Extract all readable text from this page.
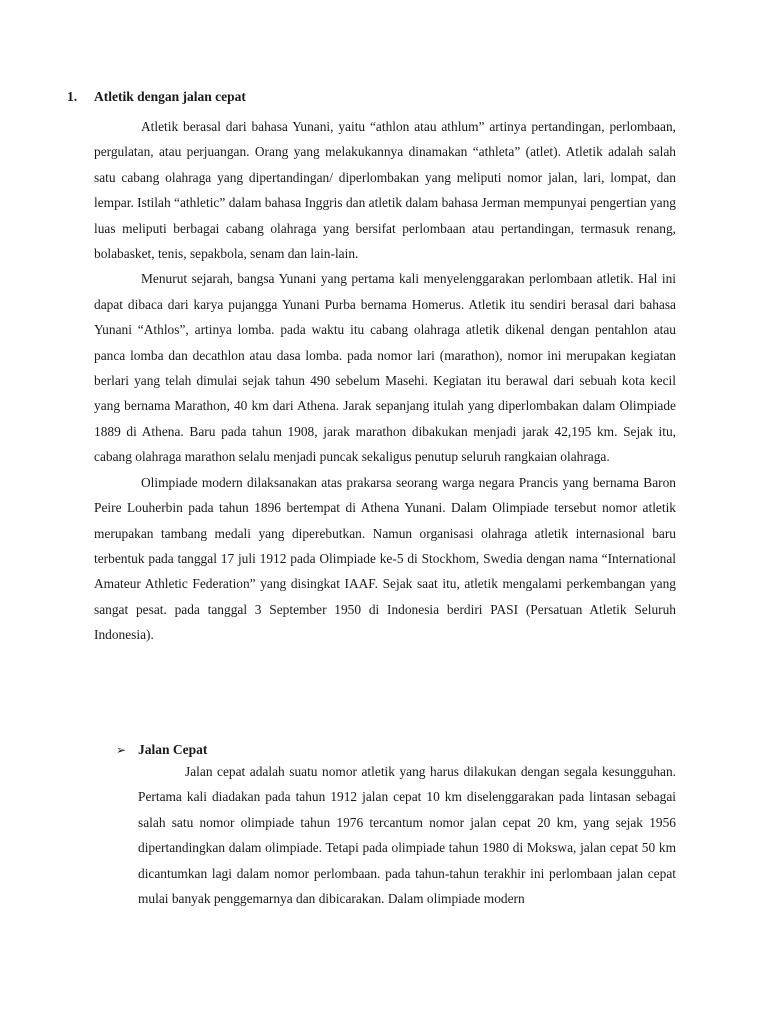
1. Atletik dengan jalan cepat

Atletik berasal dari bahasa Yunani, yaitu “athlon atau athlum” artinya pertandingan, perlombaan, pergulatan, atau perjuangan. Orang yang melakukannya dinamakan “athleta” (atlet). Atletik adalah salah satu cabang olahraga yang dipertandingan/ diperlombakan yang meliputi nomor jalan, lari, lompat, dan lempar. Istilah “athletic” dalam bahasa Inggris dan atletik dalam bahasa Jerman mempunyai pengertian yang luas meliputi berbagai cabang olahraga yang bersifat perlombaan atau pertandingan, termasuk renang, bolabasket, tenis, sepakbola, senam dan lain-lain.

Menurut sejarah, bangsa Yunani yang pertama kali menyelenggarakan perlombaan atletik. Hal ini dapat dibaca dari karya pujangga Yunani Purba bernama Homerus. Atletik itu sendiri berasal dari bahasa Yunani “Athlos”, artinya lomba. pada waktu itu cabang olahraga atletik dikenal dengan pentahlon atau panca lomba dan decathlon atau dasa lomba. pada nomor lari (marathon), nomor ini merupakan kegiatan berlari yang telah dimulai sejak tahun 490 sebelum Masehi. Kegiatan itu berawal dari sebuah kota kecil yang bernama Marathon, 40 km dari Athena. Jarak sepanjang itulah yang diperlombakan dalam Olimpiade 1889 di Athena. Baru pada tahun 1908, jarak marathon dibakukan menjadi jarak 42,195 km. Sejak itu, cabang olahraga marathon selalu menjadi puncak sekaligus penutup seluruh rangkaian olahraga.

Olimpiade modern dilaksanakan atas prakarsa seorang warga negara Prancis yang bernama Baron Peire Louherbin pada tahun 1896 bertempat di Athena Yunani. Dalam Olimpiade tersebut nomor atletik merupakan tambang medali yang diperebutkan. Namun organisasi olahraga atletik internasional baru terbentuk pada tanggal 17 juli 1912 pada Olimpiade ke-5 di Stockhom, Swedia dengan nama “International Amateur Athletic Federation” yang disingkat IAAF. Sejak saat itu, atletik mengalami perkembangan yang sangat pesat. pada tanggal 3 September 1950 di Indonesia berdiri PASI (Persatuan Atletik Seluruh Indonesia).

➢ Jalan Cepat

Jalan cepat adalah suatu nomor atletik yang harus dilakukan dengan segala kesungguhan. Pertama kali diadakan pada tahun 1912 jalan cepat 10 km diselenggarakan pada lintasan sebagai salah satu nomor olimpiade tahun 1976 tercantum nomor jalan cepat 20 km, yang sejak 1956 dipertandingkan dalam olimpiade. Tetapi pada olimpiade tahun 1980 di Mokswa, jalan cepat 50 km dicantumkan lagi dalam nomor perlombaan. pada tahun-tahun terakhir ini perlombaan jalan cepat mulai banyak penggemarnya dan dibicarakan. Dalam olimpiade modern
